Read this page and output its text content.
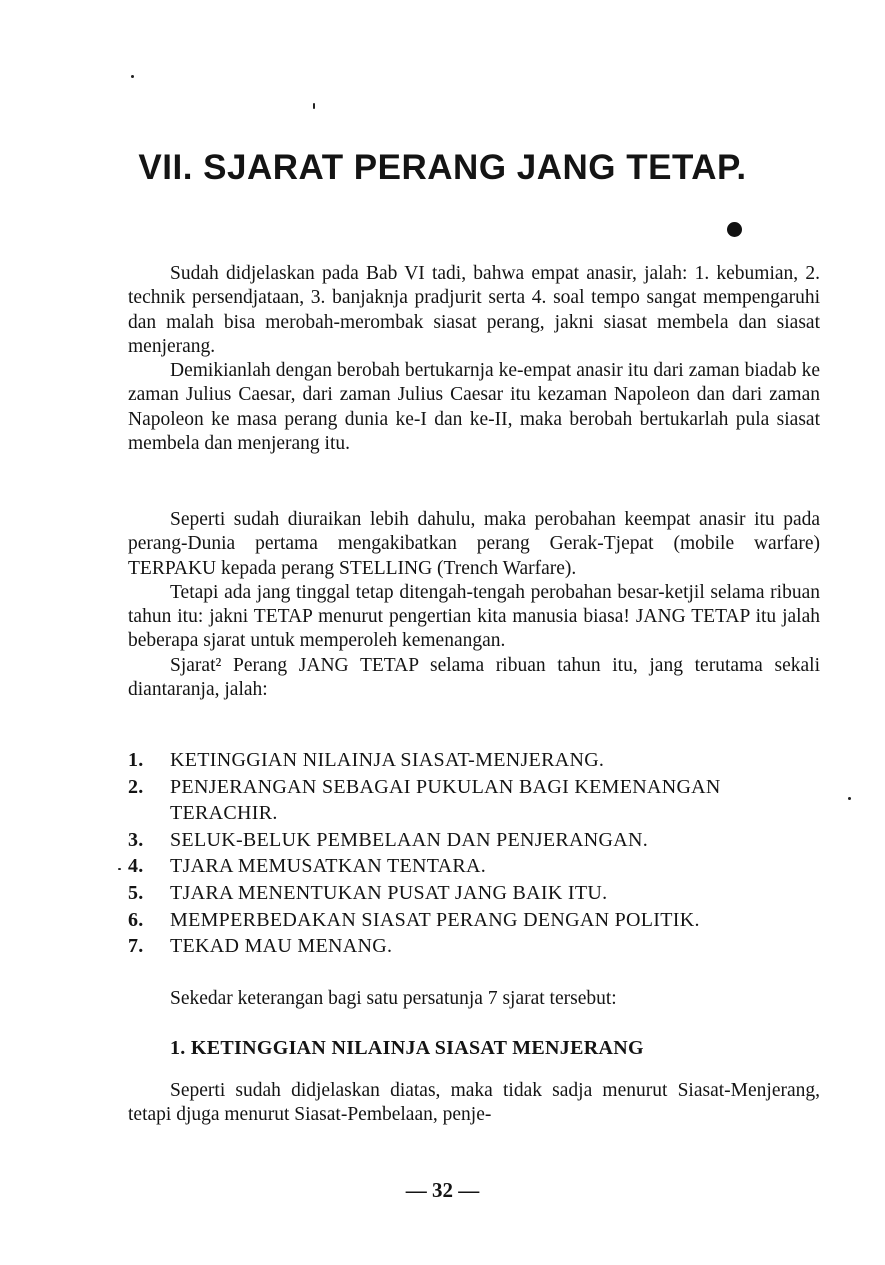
VII. SJARAT PERANG JANG TETAP.

Sudah didjelaskan pada Bab VI tadi, bahwa empat anasir, jalah: 1. kebumian, 2. technik persendjataan, 3. banjaknja pradjurit serta 4. soal tempo sangat mempengaruhi dan malah bisa merobah-merombak siasat perang, jakni siasat membela dan siasat menjerang.

Demikianlah dengan berobah bertukarnja ke-empat anasir itu dari zaman biadab ke zaman Julius Caesar, dari zaman Julius Caesar itu kezaman Napoleon dan dari zaman Napoleon ke masa perang dunia ke-I dan ke-II, maka berobah bertukarlah pula siasat membela dan menjerang itu.

Seperti sudah diuraikan lebih dahulu, maka perobahan keempat anasir itu pada perang-Dunia pertama mengakibatkan perang Gerak-Tjepat (mobile warfare) TERPAKU kepada perang STELLING (Trench Warfare).

Tetapi ada jang tinggal tetap ditengah-tengah perobahan besar-ketjil selama ribuan tahun itu: jakni TETAP menurut pengertian kita manusia biasa! JANG TETAP itu jalah beberapa sjarat untuk memperoleh kemenangan.

Sjarat² Perang JANG TETAP selama ribuan tahun itu, jang terutama sekali diantaranja, jalah:

1. KETINGGIAN NILAINJA SIASAT-MENJERANG.
2. PENJERANGAN SEBAGAI PUKULAN BAGI KEMENANGAN TERACHIR.
3. SELUK-BELUK PEMBELAAN DAN PENJERANGAN.
4. TJARA MEMUSATKAN TENTARA.
5. TJARA MENENTUKAN PUSAT JANG BAIK ITU.
6. MEMPERBEDAKAN SIASAT PERANG DENGAN POLITIK.
7. TEKAD MAU MENANG.

Sekedar keterangan bagi satu persatunja 7 sjarat tersebut:

1. KETINGGIAN NILAINJA SIASAT MENJERANG

Seperti sudah didjelaskan diatas, maka tidak sadja menurut Siasat-Menjerang, tetapi djuga menurut Siasat-Pembelaan, penje-

— 32 —
